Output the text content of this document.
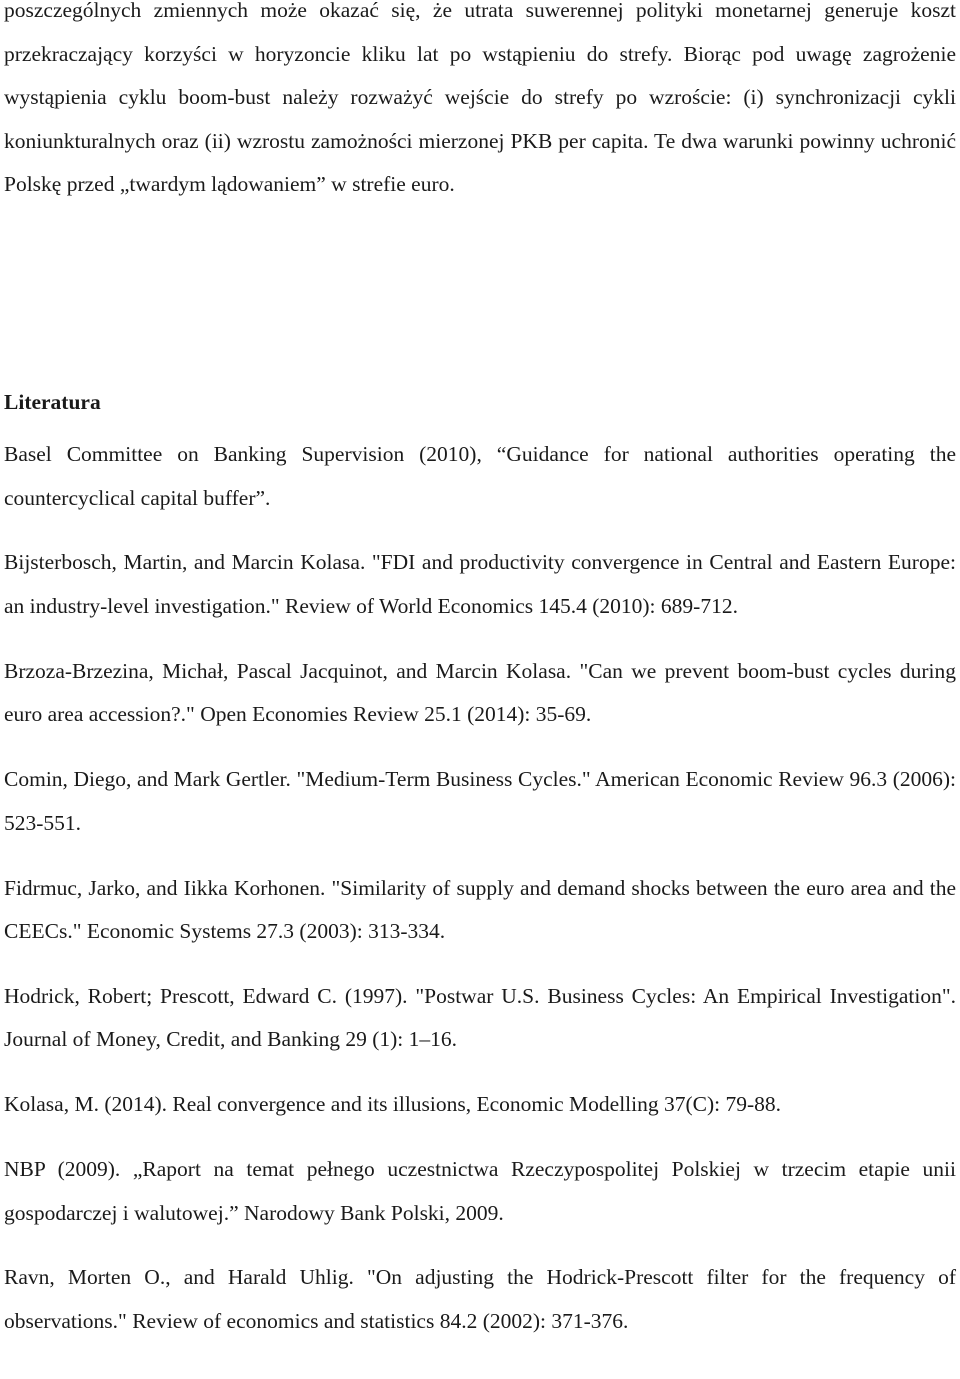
poszczególnych zmiennych może okazać się, że utrata suwerennej polityki monetarnej generuje koszt przekraczający korzyści w horyzoncie kliku lat po wstąpieniu do strefy. Biorąc pod uwagę zagrożenie wystąpienia cyklu boom-bust należy rozważyć wejście do strefy po wzroście: (i) synchronizacji cykli koniunkturalnych oraz (ii) wzrostu zamożności mierzonej PKB per capita. Te dwa warunki powinny uchronić Polskę przed „twardym lądowaniem” w strefie euro.

Literatura

Basel Committee on Banking Supervision (2010), “Guidance for national authorities operating the countercyclical capital buffer”.

Bijsterbosch, Martin, and Marcin Kolasa. "FDI and productivity convergence in Central and Eastern Europe: an industry-level investigation." Review of World Economics 145.4 (2010): 689-712.

Brzoza-Brzezina, Michał, Pascal Jacquinot, and Marcin Kolasa. "Can we prevent boom-bust cycles during euro area accession?." Open Economies Review 25.1 (2014): 35-69.

Comin, Diego, and Mark Gertler. "Medium-Term Business Cycles." American Economic Review 96.3 (2006): 523-551.

Fidrmuc, Jarko, and Iikka Korhonen. "Similarity of supply and demand shocks between the euro area and the CEECs." Economic Systems 27.3 (2003): 313-334.

Hodrick, Robert; Prescott, Edward C. (1997). "Postwar U.S. Business Cycles: An Empirical Investigation". Journal of Money, Credit, and Banking 29 (1): 1–16.

Kolasa, M. (2014). Real convergence and its illusions, Economic Modelling 37(C): 79-88.

NBP (2009). „Raport na temat pełnego uczestnictwa Rzeczypospolitej Polskiej w trzecim etapie unii gospodarczej i walutowej.” Narodowy Bank Polski, 2009.

Ravn, Morten O., and Harald Uhlig. "On adjusting the Hodrick-Prescott filter for the frequency of observations." Review of economics and statistics 84.2 (2002): 371-376.
